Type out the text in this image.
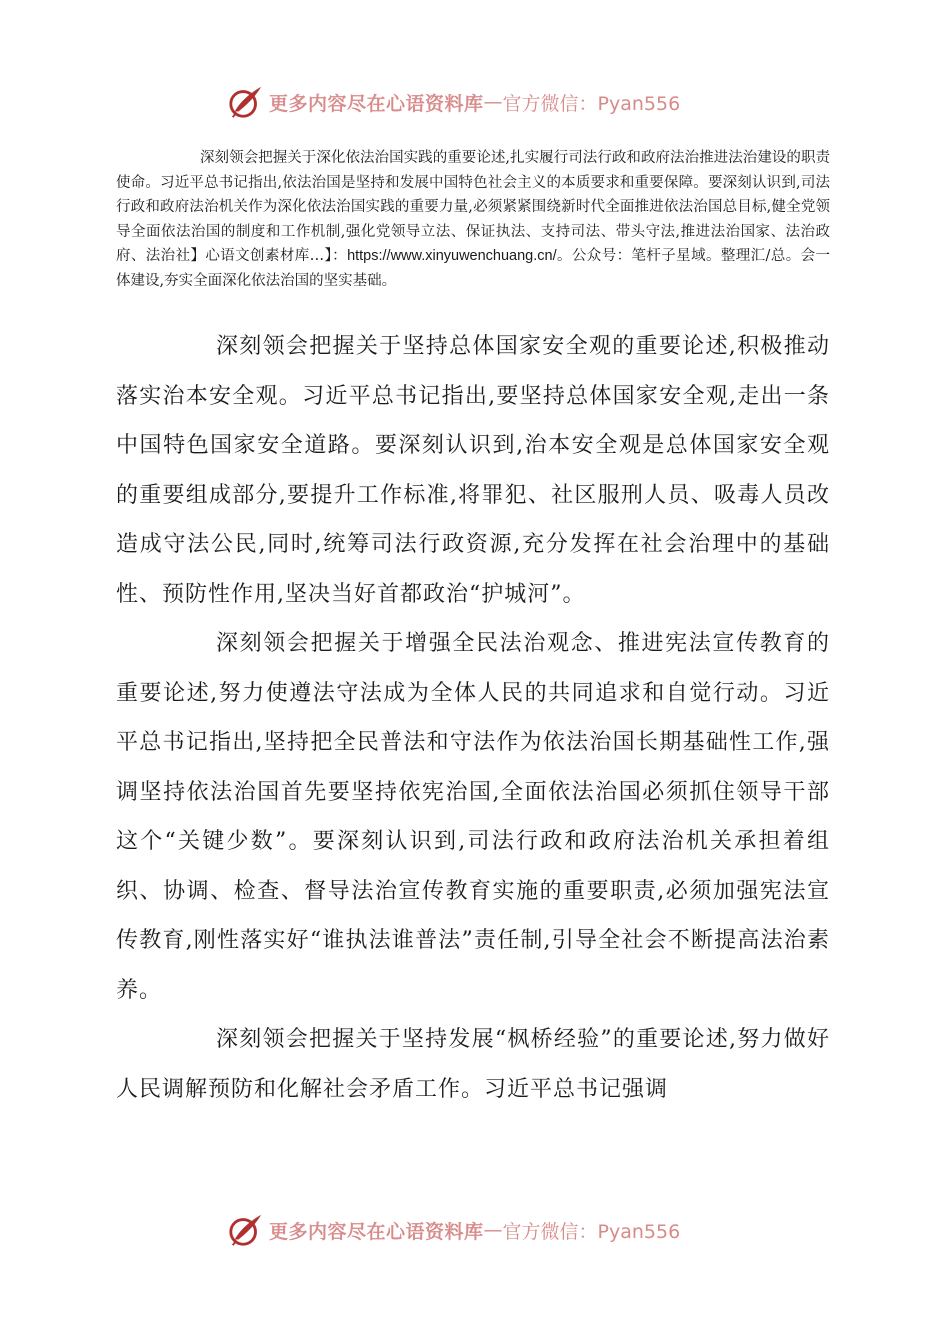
更多内容尽在心语资料库 — 官方微信：Pyan556
深刻领会把握关于深化依法治国实践的重要论述,扎实履行司法行政和政府法治推进法治建设的职责使命。习近平总书记指出,依法治国是坚持和发展中国特色社会主义的本质要求和重要保障。要深刻认识到,司法行政和政府法治机关作为深化依法治国实践的重要力量,必须紧紧围绕新时代全面推进依法治国总目标,健全党领导全面依法治国的制度和工作机制,强化党领导立法、保证执法、支持司法、带头守法,推进法治国家、法治政府、法治社】心语文创素材库…】：https://www.xinyuwenchuang.cn/。公众号：笔杆子星域。整理汇/总。会一体建设,夯实全面深化依法治国的坚实基础。

深刻领会把握关于坚持总体国家安全观的重要论述,积极推动落实治本安全观。习近平总书记指出,要坚持总体国家安全观,走出一条中国特色国家安全道路。要深刻认识到,治本安全观是总体国家安全观的重要组成部分,要提升工作标准,将罪犯、社区服刑人员、吸毒人员改造成守法公民,同时,统筹司法行政资源,充分发挥在社会治理中的基础性、预防性作用,坚决当好首都政治“护城河”。

深刻领会把握关于增强全民法治观念、推进宪法宣传教育的重要论述,努力使遵法守法成为全体人民的共同追求和自觉行动。习近平总书记指出,坚持把全民普法和守法作为依法治国长期基础性工作,强调坚持依法治国首先要坚持依宪治国,全面依法治国必须抓住领导干部这个“关键少数”。要深刻认识到,司法行政和政府法治机关承担着组织、协调、检查、督导法治宣传教育实施的重要职责,必须加强宪法宣传教育,刚性落实好“谁执法谁普法”责任制,引导全社会不断提高法治素养。

深刻领会把握关于坚持发展“枫桥经验”的重要论述,努力做好人民调解预防和化解社会矛盾工作。习近平总书记强调

更多内容尽在心语资料库 — 官方微信：Pyan556
